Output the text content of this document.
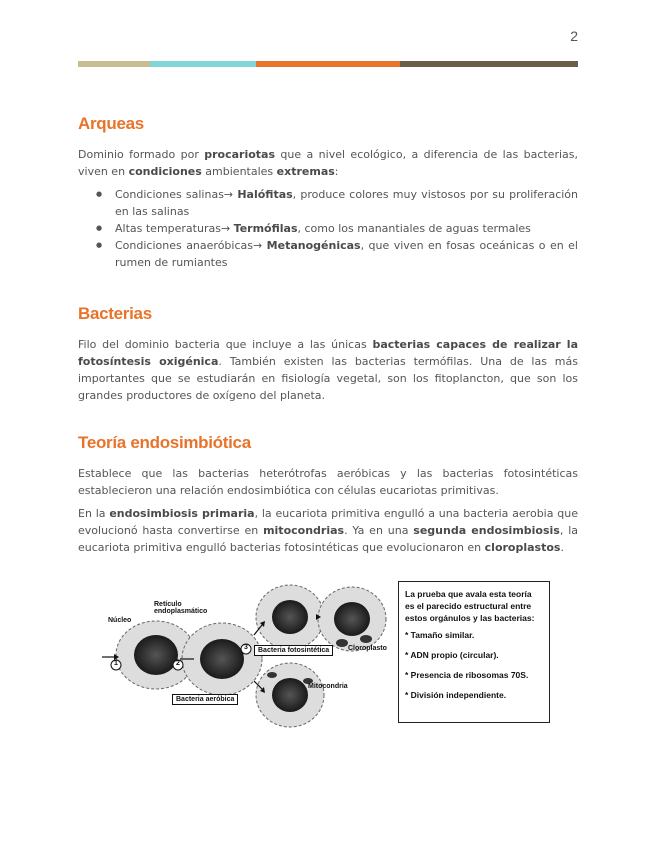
2
Arqueas

Dominio formado por procariotas que a nivel ecológico, a diferencia de las bacterias, viven en condiciones ambientales extremas:

● Condiciones salinas→ Halófitas, produce colores muy vistosos por su proliferación en las salinas
● Altas temperaturas→ Termófilas, como los manantiales de aguas termales
● Condiciones anaeróbicas→ Metanogénicas, que viven en fosas oceánicas o en el rumen de rumiantes
Bacterias

Filo del dominio bacteria que incluye a las únicas bacterias capaces de realizar la fotosíntesis oxigénica. También existen las bacterias termófilas. Una de las más importantes que se estudiarán en fisiología vegetal, son los fitoplancton, que son los grandes productores de oxígeno del planeta.

Teoría endosimbiótica

Establece que las bacterias heterótrofas aeróbicas y las bacterias fotosintéticas establecieron una relación endosimbiótica con células eucariotas primitivas.

En la endosimbiosis primaria, la eucariota primitiva engulló a una bacteria aerobia que evolucionó hasta convertirse en mitocondrias. Ya en una segunda endosimbiosis, la eucariota primitiva engulló bacterias fotosintéticas que evolucionaron en cloroplastos.

Núcleo
Retículo endoplasmático
1	2
3	Bacteria fotosintética	Cloroplasto
Mitocondria
Bacteria aeróbica
La prueba que avala esta teoría es el parecido estructural entre estos orgánulos y las bacterias:
* Tamaño similar.
* ADN propio (circular).
* Presencia de ribosomas 70S.
* División independiente.
